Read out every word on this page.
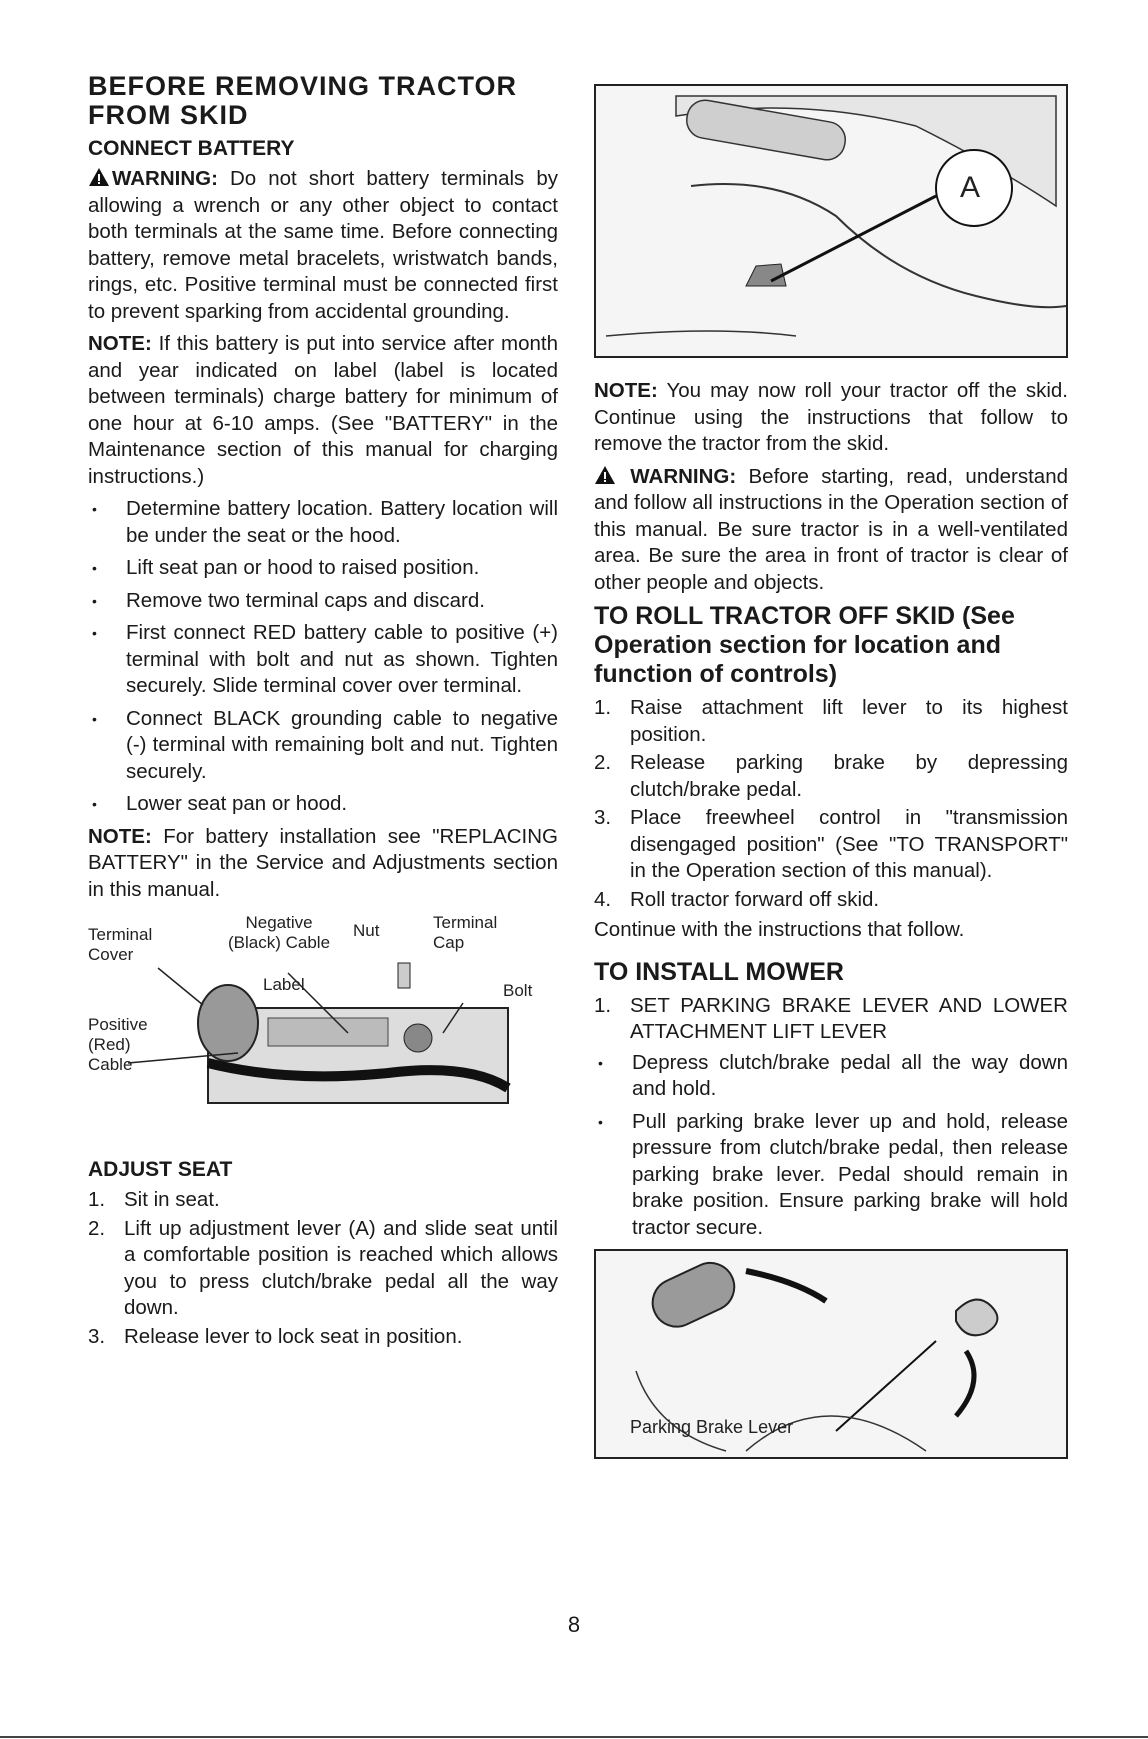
BEFORE REMOVING TRACTOR FROM SKID
CONNECT BATTERY

WARNING: Do not short battery terminals by allowing a wrench or any other object to contact both terminals at the same time. Before connecting battery, remove metal bracelets, wristwatch bands, rings, etc. Positive terminal must be connected first to prevent sparking from accidental grounding.

NOTE: If this battery is put into service after month and year indicated on label (label is located between terminals) charge battery for minimum of one hour at 6-10 amps. (See "BATTERY" in the Maintenance section of this manual for charging instructions.)

• Determine battery location. Battery location will be under the seat or the hood.
• Lift seat pan or hood to raised position.
• Remove two terminal caps and discard.
• First connect RED battery cable to positive (+) terminal with bolt and nut as shown. Tighten securely. Slide terminal cover over terminal.
• Connect BLACK grounding cable to negative (-) terminal with remaining bolt and nut. Tighten securely.
• Lower seat pan or hood.

NOTE: For battery installation see "REPLACING BATTERY" in the Service and Adjustments section in this manual.

Terminal
Cover
Negative
(Black) Cable
Nut	Terminal
Cap
Label	Bolt
Positive
(Red)
Cable
ADJUST SEAT
1. Sit in seat.
2. Lift up adjustment lever (A) and slide seat until a comfortable position is reached which allows you to press clutch/brake pedal all the way down.
3. Release lever to lock seat in position.
A

NOTE: You may now roll your tractor off the skid. Continue using the instructions that follow to remove the tractor from the skid.

WARNING: Before starting, read, understand and follow all instructions in the Operation section of this manual. Be sure tractor is in a well-ventilated area. Be sure the area in front of tractor is clear of other people and objects.

TO ROLL TRACTOR OFF SKID (See Operation section for location and function of controls)
1. Raise attachment lift lever to its highest position.
2. Release parking brake by depressing clutch/brake pedal.
3. Place freewheel control in "transmission disengaged position" (See "TO TRANSPORT" in the Operation section of this manual).
4. Roll tractor forward off skid.

Continue with the instructions that follow.

TO INSTALL MOWER
1. SET PARKING BRAKE LEVER AND LOWER ATTACHMENT LIFT LEVER
• Depress clutch/brake pedal all the way down and hold.
• Pull parking brake lever up and hold, release pressure from clutch/brake pedal, then release parking brake lever. Pedal should remain in brake position. Ensure parking brake will hold tractor secure.
Parking Brake Lever
8
